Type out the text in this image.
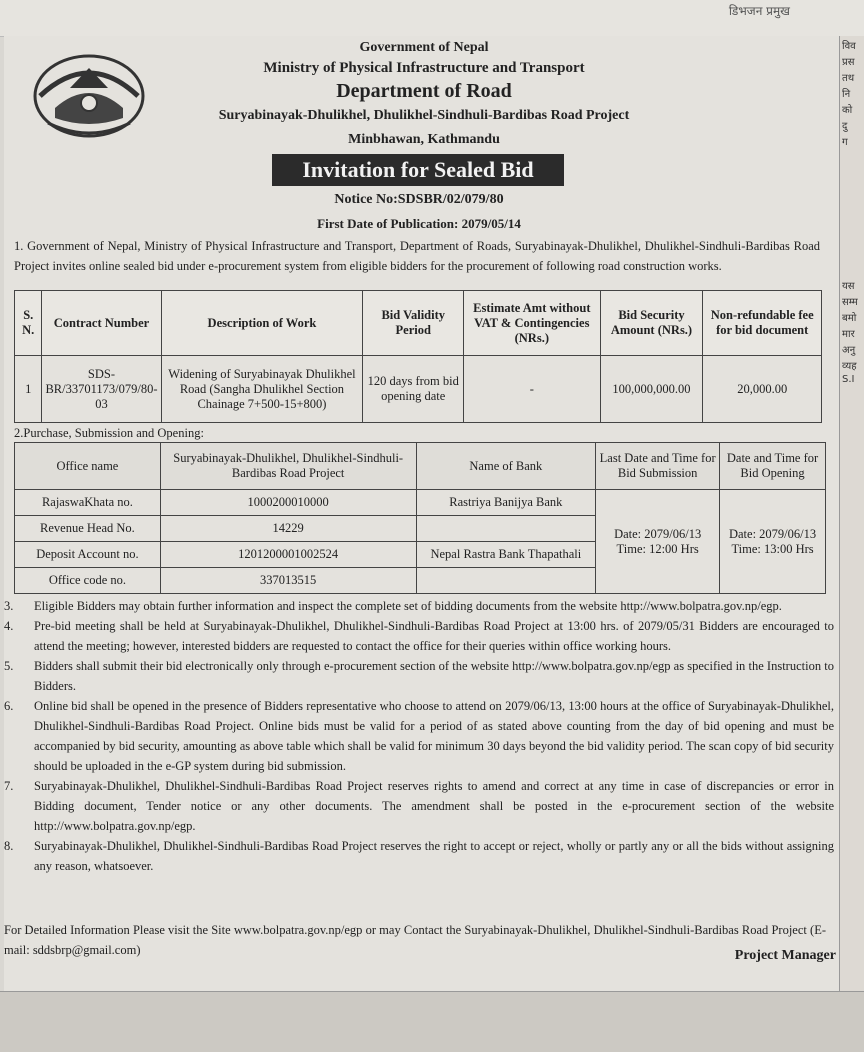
डिभजन प्रमुख
Government of Nepal
Ministry of Physical Infrastructure and Transport
Department of Road
Suryabinayak-Dhulikhel, Dhulikhel-Sindhuli-Bardibas Road Project
Minbhawan, Kathmandu
Invitation for Sealed Bid
Notice No:SDSBR/02/079/80
First Date of Publication: 2079/05/14
1. Government of Nepal, Ministry of Physical Infrastructure and Transport, Department of Roads, Suryabinayak-Dhulikhel, Dhulikhel-Sindhuli-Bardibas Road Project invites online sealed bid under e-procurement system from eligible bidders for the procurement of following road construction works.
S. N.	Contract Number	Description of Work	Bid Validity Period	Estimate Amt without VAT & Contingencies (NRs.)	Bid Security Amount (NRs.)	Non-refundable fee for bid document
1	SDS-BR/33701173/079/80-03	Widening of Suryabinayak Dhulikhel Road (Sangha Dhulikhel Section Chainage 7+500-15+800)	120 days from bid opening date	-	100,000,000.00	20,000.00
2.Purchase, Submission and Opening:
Office name	Suryabinayak-Dhulikhel, Dhulikhel-Sindhuli-Bardibas Road Project	Name of Bank	Last Date and Time for Bid Submission	Date and Time for Bid Opening
RajaswaKhata no.	1000200010000	Rastriya Banijya Bank	Date: 2079/06/13 Time: 12:00 Hrs	Date: 2079/06/13 Time: 13:00 Hrs
Revenue Head No.	14229			
Deposit Account no.	1201200001002524	Nepal Rastra Bank Thapathali		
Office code no.	337013515			

3. Eligible Bidders may obtain further information and inspect the complete set of bidding documents from the website http://www.bolpatra.gov.np/egp.

4. Pre-bid meeting shall be held at Suryabinayak-Dhulikhel, Dhulikhel-Sindhuli-Bardibas Road Project at 13:00 hrs. of 2079/05/31 Bidders are encouraged to attend the meeting; however, interested bidders are requested to contact the office for their queries within office working hours.

5. Bidders shall submit their bid electronically only through e-procurement section of the website http://www.bolpatra.gov.np/egp as specified in the Instruction to Bidders.

6. Online bid shall be opened in the presence of Bidders representative who choose to attend on 2079/06/13, 13:00 hours at the office of Suryabinayak-Dhulikhel, Dhulikhel-Sindhuli-Bardibas Road Project. Online bids must be valid for a period of as stated above counting from the day of bid opening and must be accompanied by bid security, amounting as above table which shall be valid for minimum 30 days beyond the bid validity period. The scan copy of bid security should be uploaded in the e-GP system during bid submission.

7. Suryabinayak-Dhulikhel, Dhulikhel-Sindhuli-Bardibas Road Project reserves rights to amend and correct at any time in case of discrepancies or error in Bidding document, Tender notice or any other documents. The amendment shall be posted in the e-procurement section of the website http://www.bolpatra.gov.np/egp.

8. Suryabinayak-Dhulikhel, Dhulikhel-Sindhuli-Bardibas Road Project reserves the right to accept or reject, wholly or partly any or all the bids without assigning any reason, whatsoever.

For Detailed Information Please visit the Site www.bolpatra.gov.np/egp or may Contact the Suryabinayak-Dhulikhel, Dhulikhel-Sindhuli-Bardibas Road Project (E-mail: sddsbrp@gmail.com)	Project Manager
विव
प्रस
तथ
नि
को
दु
ग
यस
सम्म
बमो
मार
अनु
व्यह
S.I
